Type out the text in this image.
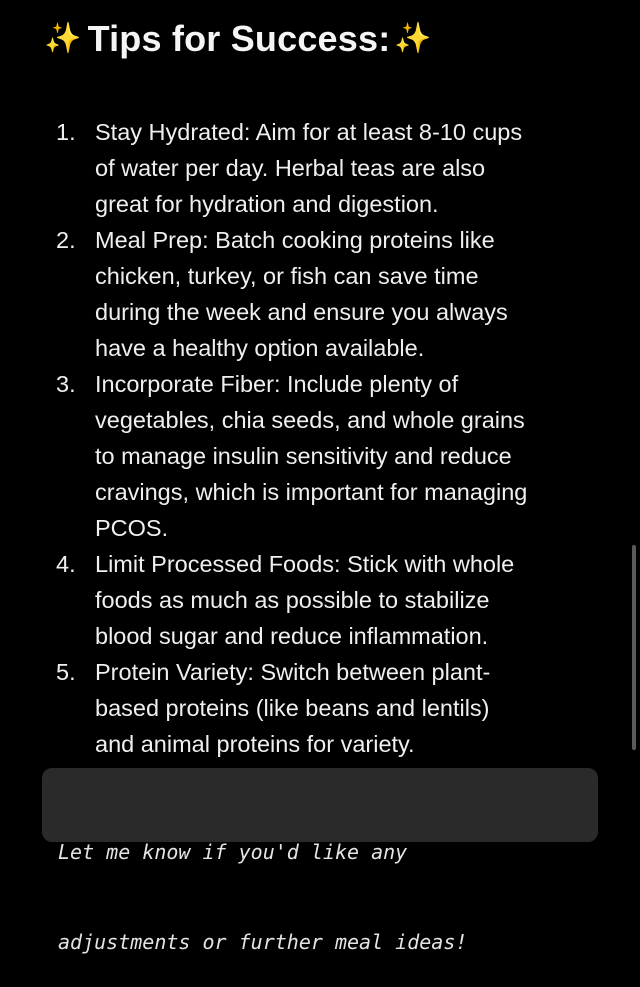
✨ Tips for Success: ✨
1. Stay Hydrated: Aim for at least 8-10 cups
of water per day. Herbal teas are also
great for hydration and digestion.
2. Meal Prep: Batch cooking proteins like
chicken, turkey, or fish can save time
during the week and ensure you always
have a healthy option available.
3. Incorporate Fiber: Include plenty of
vegetables, chia seeds, and whole grains
to manage insulin sensitivity and reduce
cravings, which is important for managing
PCOS.
4. Limit Processed Foods: Stick with whole
foods as much as possible to stabilize
blood sugar and reduce inflammation.
5. Protein Variety: Switch between plant-
based proteins (like beans and lentils)
and animal proteins for variety.

Let me know if you'd like any

adjustments or further meal ideas!
